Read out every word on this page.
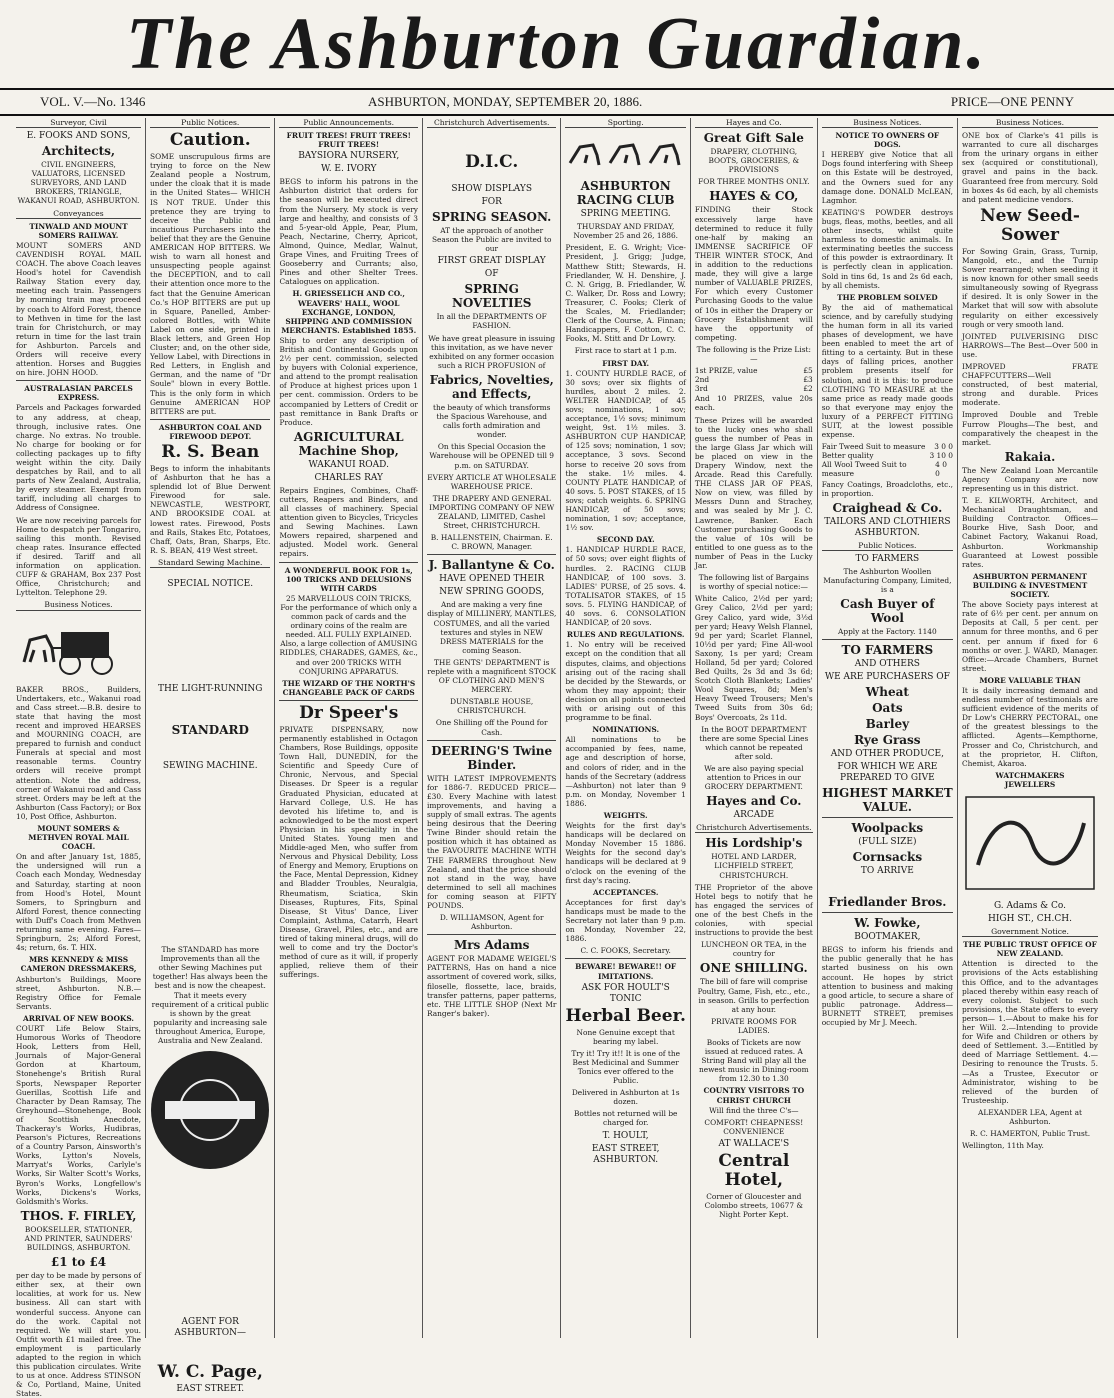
The Ashburton Guardian.
VOL. V.—No. 1346	ASHBURTON, MONDAY, SEPTEMBER 20, 1886.	PRICE—ONE PENNY
Surveyor, Civil
E. FOOKS AND SONS,
Architects,
CIVIL ENGINEERS, VALUATORS, LICENSED SURVEYORS, AND LAND BROKERS, TRIANGLE, WAKANUI ROAD, ASHBURTON.
Conveyances
TINWALD AND MOUNT SOMERS RAILWAY.
MOUNT SOMERS AND CAVENDISH ROYAL MAIL COACH. The above Coach leaves Hood's hotel for Cavendish Railway Station every day, meeting each train. Passengers by morning train may proceed by coach to Alford Forest, thence to Methven in time for the last train for Christchurch, or may return in time for the last train for Ashburton. Parcels and Orders will receive every attention. Horses and Buggies on hire. JOHN HOOD.
AUSTRALASIAN PARCELS EXPRESS.
Parcels and Packages forwarded to any address, at cheap, through, inclusive rates. One charge. No extras. No trouble. No charge for booking or for collecting packages up to fifty weight within the city. Daily despatches by Rail, and to all parts of New Zealand, Australia, by every steamer. Exempt from tariff, including all charges to Address of Consignee.
We are now receiving parcels for Home to despatch per Tongariro, sailing this month. Revised cheap rates. Insurance effected if desired. Tariff and all information on application. CUFF & GRAHAM, Box 237 Post Office, Christchurch; and Lyttelton. Telephone 29.
Business Notices.
BAKER BROS., Builders, Undertakers, etc., Wakanui road and Cass street.—B.B. desire to state that having the most recent and improved HEARSES and MOURNING COACH, are prepared to furnish and conduct Funerals at special and most reasonable terms. Country orders will receive prompt attention. Note the address, corner of Wakanui road and Cass street. Orders may be left at the Ashburton (Cass Factory); or Box 10, Post Office, Ashburton.
MOUNT SOMERS & METHVEN ROYAL MAIL COACH.
On and after January 1st, 1885, the undersigned will run a Coach each Monday, Wednesday and Saturday, starting at noon from Hood's Hotel, Mount Somers, to Springburn and Alford Forest, thence connecting with Duff's Coach from Methven returning same evening. Fares—Springburn, 2s; Alford Forest, 4s; return, 6s. T. HIX.
MRS KENNEDY & MISS CAMERON DRESSMAKERS,
Ashburton's Buildings, Moore street, Ashburton. N.B.—Registry Office for Female Servants.
ARRIVAL OF NEW BOOKS.
COURT Life Below Stairs, Humorous Works of Theodore Hook, Letters from Hell, Journals of Major-General Gordon at Khartoum, Stonehenge's British Rural Sports, Newspaper Reporter Guerillas, Scottish Life and Character by Dean Ramsay, The Greyhound—Stonehenge, Book of Scottish Anecdote, Thackeray's Works, Hudibras, Pearson's Pictures, Recreations of a Country Parson, Ainsworth's Works, Lytton's Novels, Marryat's Works, Carlyle's Works, Sir Walter Scott's Works, Byron's Works, Longfellow's Works, Dickens's Works, Goldsmith's Works.
THOS. F. FIRLEY,
BOOKSELLER, STATIONER, AND PRINTER, SAUNDERS' BUILDINGS, ASHBURTON.
£1 to £4
per day to be made by persons of either sex, at their own localities, at work for us. New business. All can start with wonderful success. Anyone can do the work. Capital not required. We will start you. Outfit worth £1 mailed free. The employment is particularly adapted to the region in which this publication circulates. Write to us at once. Address STINSON & Co, Portland, Maine, United States.
Public Notices.
Caution.
SOME unscrupulous firms are trying to force on the New Zealand people a Nostrum, under the cloak that it is made in the United States— WHICH IS NOT TRUE. Under this pretence they are trying to deceive the Public and incautious Purchasers into the belief that they are the Genuine AMERICAN HOP BITTERS. We wish to warn all honest and unsuspecting people against the DECEPTION, and to call their attention once more to the fact that the Genuine American Co.'s HOP BITTERS are put up in Square, Panelled, Amber-colored Bottles, with White Label on one side, printed in Black letters, and Green Hop Cluster; and, on the other side, Yellow Label, with Directions in Red Letters, in English and German, and the name of "Dr Soule" blown in every Bottle. This is the only form in which Genuine AMERICAN HOP BITTERS are put.
ASHBURTON COAL AND FIREWOOD DEPOT.
R. S. Bean
Begs to inform the inhabitants of Ashburton that he has a splendid lot of Blue Derwent Firewood for sale. NEWCASTLE, WESTPORT, AND BROOKSIDE COAL at lowest rates. Firewood, Posts and Rails, Stakes Etc, Potatoes, Chaff, Oats, Bran, Sharps, Etc. R. S. BEAN, 419 West street.
Standard Sewing Machine.
SPECIAL NOTICE.
THE LIGHT-RUNNING
STANDARD
SEWING MACHINE.
The STANDARD has more Improvements than all the other Sewing Machines put together! Has always been the best and is now the cheapest. That it meets every requirement of a critical public is shown by the great popularity and increasing sale throughout America, Europe, Australia and New Zealand.
AGENT FOR ASHBURTON—
W. C. Page,
EAST STREET.
Public Announcements.
FRUIT TREES! FRUIT TREES! FRUIT TREES!
BAYSIORA NURSERY,
W. E. IVORY
BEGS to inform his patrons in the Ashburton district that orders for the season will be executed direct from the Nursery. My stock is very large and healthy, and consists of 3 and 5-year-old Apple, Pear, Plum, Peach, Nectarine, Cherry, Apricot, Almond, Quince, Medlar, Walnut, Grape Vines, and Fruiting Trees of Gooseberry and Currants; also, Pines and other Shelter Trees. Catalogues on application.
H. GRIESSELICH AND CO., WEAVERS' HALL, WOOL EXCHANGE, LONDON, SHIPPING AND COMMISSION MERCHANTS. Established 1855.
Ship to order any description of British and Continental Goods upon 2½ per cent. commission, selected by buyers with Colonial experience, and attend to the prompt realisation of Produce at highest prices upon 1 per cent. commission. Orders to be accompanied by Letters of Credit or past remittance in Bank Drafts or Produce.
AGRICULTURAL Machine Shop,
WAKANUI ROAD.
CHARLES RAY
Repairs Engines, Combines, Chaff-cutters, Reapers and Binders, and all classes of machinery. Special attention given to Bicycles, Tricycles and Sewing Machines. Lawn Mowers repaired, sharpened and adjusted. Model work. General repairs.
A WONDERFUL BOOK FOR 1s,
100 TRICKS AND DELUSIONS WITH CARDS
25 MARVELLOUS COIN TRICKS, For the performance of which only a common pack of cards and the ordinary coins of the realm are needed. ALL FULLY EXPLAINED. Also, a large collection of AMUSING RIDDLES, CHARADES, GAMES, &c., and over 200 TRICKS WITH CONJURING APPARATUS.
THE WIZARD OF THE NORTH'S CHANGEABLE PACK OF CARDS
Dr Speer's
PRIVATE DISPENSARY, now permanently established in Octagon Chambers, Rose Buildings, opposite Town Hall, DUNEDIN, for the Scientific and Speedy Cure of Chronic, Nervous, and Special Diseases. Dr Speer is a regular Graduated Physician, educated at Harvard College, U.S. He has devoted his lifetime to, and is acknowledged to be the most expert Physician in his speciality in the United States. Young men and Middle-aged Men, who suffer from Nervous and Physical Debility, Loss of Energy and Memory, Eruptions on the Face, Mental Depression, Kidney and Bladder Troubles, Neuralgia, Rheumatism, Sciatica, Skin Diseases, Ruptures, Fits, Spinal Disease, St Vitus' Dance, Liver Complaint, Asthma, Catarrh, Heart Disease, Gravel, Piles, etc., and are tired of taking mineral drugs, will do well to come and try the Doctor's method of cure as it will, if properly applied, relieve them of their sufferings.
Christchurch Advertisements.
D.I.C.
SHOW DISPLAYS
FOR
SPRING SEASON.
AT the approach of another Season the Public are invited to our
FIRST GREAT DISPLAY
OF
SPRING NOVELTIES
In all the DEPARTMENTS OF FASHION.
We have great pleasure in issuing this invitation, as we have never exhibited on any former occasion such a RICH PROFUSION of
Fabrics, Novelties, and Effects,
the beauty of which transforms the Spacious Warehouse, and calls forth admiration and wonder.
On this Special Occasion the Warehouse will be OPENED till 9 p.m. on SATURDAY.
EVERY ARTICLE AT WHOLESALE WAREHOUSE PRICE.
THE DRAPERY AND GENERAL IMPORTING COMPANY OF NEW ZEALAND, LIMITED, Cashel Street, CHRISTCHURCH.
B. HALLENSTEIN, Chairman. E. C. BROWN, Manager.
J. Ballantyne & Co.
HAVE OPENED THEIR
NEW SPRING GOODS,
And are making a very fine display of MILLINERY, MANTLES, COSTUMES, and all the varied textures and styles in NEW DRESS MATERIALS for the coming Season.
THE GENTS' DEPARTMENT is replete with a magnificent STOCK OF CLOTHING AND MEN'S MERCERY.
DUNSTABLE HOUSE, CHRISTCHURCH.
One Shilling off the Pound for Cash.
DEERING'S Twine Binder.
WITH LATEST IMPROVEMENTS for 1886-7. REDUCED PRICE—£30. Every Machine with latest improvements, and having a supply of small extras. The agents being desirous that the Deering Twine Binder should retain the position which it has obtained as the FAVOURITE MACHINE WITH THE FARMERS throughout New Zealand, and that the price should not stand in the way, have determined to sell all machines for coming season at FIFTY POUNDS.
D. WILLIAMSON, Agent for Ashburton.
Mrs Adams
AGENT FOR MADAME WEIGEL'S PATTERNS, Has on hand a nice assortment of covered work, silks, filoselle, flossette, lace, braids, transfer patterns, paper patterns, etc. THE LITTLE SHOP (Next Mr Ranger's baker).
Sporting.
ASHBURTON RACING CLUB
SPRING MEETING.
THURSDAY AND FRIDAY, November 25 and 26, 1886.
President, E. G. Wright; Vice-President, J. Grigg; Judge, Matthew Stitt; Stewards, H. Friedlander, W. H. Denshire, J. C. N. Grigg, B. Friedlander, W. C. Walker, Dr. Ross and Lowry; Treasurer, C. Fooks; Clerk of the Scales, M. Friedlander; Clerk of the Course, A. Finnan; Handicappers, F. Cotton, C. C. Fooks, M. Stitt and Dr Lowry.
First race to start at 1 p.m.
FIRST DAY.
1. COUNTY HURDLE RACE, of 30 sovs; over six flights of hurdles, about 2 miles. 2. WELTER HANDICAP, of 45 sovs; nominations, 1 sov; acceptance, 1½ sovs; minimum weight, 9st. 1½ miles. 3. ASHBURTON CUP HANDICAP, of 125 sovs; nomination, 1 sov; acceptance, 3 sovs. Second horse to receive 20 sovs from the stake. 1½ miles. 4. COUNTY PLATE HANDICAP, of 40 sovs. 5. POST STAKES, of 15 sovs; catch weights. 6. SPRING HANDICAP, of 50 sovs; nomination, 1 sov; acceptance, 1½ sov.
SECOND DAY.
1. HANDICAP HURDLE RACE, of 50 sovs; over eight flights of hurdles. 2. RACING CLUB HANDICAP, of 100 sovs. 3. LADIES' PURSE, of 25 sovs. 4. TOTALISATOR STAKES, of 15 sovs. 5. FLYING HANDICAP, of 40 sovs. 6. CONSOLATION HANDICAP, of 20 sovs.
RULES AND REGULATIONS.
1. No entry will be received except on the condition that all disputes, claims, and objections arising out of the racing shall be decided by the Stewards, or whom they may appoint; their decision on all points connected with or arising out of this programme to be final.
NOMINATIONS.
All nominations to be accompanied by fees, name, age and description of horse, and colors of rider, and in the hands of the Secretary (address—Ashburton) not later than 9 p.m. on Monday, November 1 1886.
WEIGHTS.
Weights for the first day's handicaps will be declared on Monday November 15 1886. Weights for the second day's handicaps will be declared at 9 o'clock on the evening of the first day's racing.
ACCEPTANCES.
Acceptances for first day's handicaps must be made to the Secretary not later than 9 p.m. on Monday, November 22, 1886.
C. C. FOOKS, Secretary.
BEWARE! BEWARE!! OF IMITATIONS.
ASK FOR HOULT'S TONIC
Herbal Beer.
None Genuine except that bearing my label.
Try it! Try it!! It is one of the Best Medicinal and Summer Tonics ever offered to the Public.
Delivered in Ashburton at 1s dozen.
Bottles not returned will be charged for.
T. HOULT,
EAST STREET, ASHBURTON.
Hayes and Co.
Great Gift Sale
DRAPERY, CLOTHING, BOOTS, GROCERIES, & PROVISIONS
FOR THREE MONTHS ONLY.
HAYES & CO,
FINDING their Stock excessively large have determined to reduce it fully one-half by making an IMMENSE SACRIFICE OF THEIR WINTER STOCK, And in addition to the reductions made, they will give a large number of VALUABLE PRIZES, For which every Customer Purchasing Goods to the value of 10s in either the Drapery or Grocery Establishment will have the opportunity of competing.
The following is the Prize List:—
1st PRIZE, value	£5
2nd	£3
3rd	£2
And 10 PRIZES, value 20s each.
These Prizes will be awarded to the lucky ones who shall guess the number of Peas in the large Glass Jar which will be placed on view in the Drapery Window, next the Arcade. Read this Carefully. THE CLASS JAR OF PEAS, Now on view, was filled by Messrs Dunn and Strachey, and was sealed by Mr J. C. Lawrence, Banker. Each Customer purchasing Goods to the value of 10s will be entitled to one guess as to the number of Peas in the Lucky Jar.
The following list of Bargains is worthy of special notice:—
White Calico, 2½d per yard; Grey Calico, 2½d per yard; Grey Calico, yard wide, 3½d per yard; Heavy Welsh Flannel, 9d per yard; Scarlet Flannel, 10½d per yard; Fine All-wool Saxony, 1s per yard; Cream Holland, 5d per yard; Colored Bed Quilts, 2s 3d and 3s 6d; Scotch Cloth Blankets; Ladies' Wool Squares, 8d; Men's Heavy Tweed Trousers; Men's Tweed Suits from 30s 6d; Boys' Overcoats, 2s 11d.
In the BOOT DEPARTMENT there are some Special Lines which cannot be repeated after sold.
We are also paying special attention to Prices in our GROCERY DEPARTMENT.
Hayes and Co.
ARCADE
Christchurch Advertisements.
His Lordship's
HOTEL AND LARDER, LICHFIELD STREET, CHRISTCHURCH.
THE Proprietor of the above Hotel begs to notify that he has engaged the services of one of the best Chefs in the colonies, with special instructions to provide the best
LUNCHEON OR TEA, in the country for
ONE SHILLING.
The bill of fare will comprise Poultry, Game, Fish, etc., etc., in season. Grills to perfection at any hour.
PRIVATE ROOMS FOR LADIES.
Books of Tickets are now issued at reduced rates. A String Band will play all the newest music in Dining-room from 12.30 to 1.30
COUNTRY VISITORS TO CHRIST CHURCH
Will find the three C's—
COMFORT! CHEAPNESS! CONVENIENCE
AT WALLACE'S
Central Hotel,
Corner of Gloucester and Colombo streets, 10677 & Night Porter Kept.
Business Notices.
NOTICE TO OWNERS OF DOGS.
I HEREBY give Notice that all Dogs found interfering with Sheep on this Estate will be destroyed, and the Owners sued for any damage done. DONALD McLEAN, Lagmhor.
KEATING'S POWDER destroys bugs, fleas, moths, beetles, and all other insects, whilst quite harmless to domestic animals. In exterminating beetles the success of this powder is extraordinary. It is perfectly clean in application. Sold in tins 6d, 1s and 2s 6d each, by all chemists.
THE PROBLEM SOLVED
By the aid of mathematical science, and by carefully studying the human form in all its varied phases of development, we have been enabled to meet the art of fitting to a certainty. But in these days of falling prices, another problem presents itself for solution, and it is this: to produce CLOTHING TO MEASURE at the same price as ready made goods so that everyone may enjoy the luxury of a PERFECT FITTING SUIT, at the lowest possible expense.
Fair Tweed Suit to measure 3 0 0
Better quality	3 10 0
All Wool Tweed Suit to measure
4 0 0
Fancy Coatings, Broadcloths, etc., in proportion.
Craighead & Co.
TAILORS AND CLOTHIERS ASHBURTON.
Public Notices.
TO FARMERS
The Ashburton Woollen Manufacturing Company, Limited, is a
Cash Buyer of Wool
Apply at the Factory. 1140
TO FARMERS
AND OTHERS
WE ARE PURCHASERS OF
Wheat
Oats
Barley
Rye Grass
AND OTHER PRODUCE,
FOR WHICH WE ARE PREPARED TO GIVE
HIGHEST MARKET VALUE.
Woolpacks
(FULL SIZE)
Cornsacks
TO ARRIVE
Friedlander Bros.
W. Fowke,
BOOTMAKER,
BEGS to inform his friends and the public generally that he has started business on his own account. He hopes by strict attention to business and making a good article, to secure a share of public patronage. Address—BURNETT STREET, premises occupied by Mr J. Meech.
Business Notices.
ONE box of Clarke's 41 pills is warranted to cure all discharges from the urinary organs in either sex (acquired or constitutional), gravel and pains in the back. Guaranteed free from mercury. Sold in boxes 4s 6d each, by all chemists and patent medicine vendors.
New Seed-Sower
For Sowing Grain, Grass, Turnip, Mangold, etc., and the Turnip Sower rearranged; when seeding it is now known for other small seeds simultaneously sowing of Ryegrass if desired. It is only Sower in the Market that will sow with absolute regularity on either excessively rough or very smooth land.
JOINTED PULVERISING DISC HARROWS—The Best—Over 500 in use.
IMPROVED FRATE CHAFFCUTTERS—Well constructed, of best material, strong and durable. Prices moderate.
Improved Double and Treble Furrow Ploughs—The best, and comparatively the cheapest in the market.
Rakaia.
The New Zealand Loan Mercantile Agency Company are now representing us in this district.
T. E. KILWORTH, Architect, and Mechanical Draughtsman, and Building Contractor. Offices—Bourke Hive, Sash Door, and Cabinet Factory, Wakanui Road, Ashburton. Workmanship Guaranteed at Lowest possible rates.
ASHBURTON PERMANENT BUILDING & INVESTMENT SOCIETY.
The above Society pays interest at rate of 6½ per cent. per annum on Deposits at Call, 5 per cent. per annum for three months, and 6 per cent. per annum if fixed for 6 months or over. J. WARD, Manager. Office:—Arcade Chambers, Burnet street.
MORE VALUABLE THAN
It is daily increasing demand and endless number of testimonials are sufficient evidence of the merits of Dr Low's CHERRY PECTORAL, one of the greatest blessings to the afflicted. Agents—Kempthorne, Prosser and Co, Christchurch, and at the proprietor, H. Clifton, Chemist, Akaroa.
WATCHMAKERS
JEWELLERS
G. Adams & Co.
HIGH ST., CH.CH.
Government Notice.
THE PUBLIC TRUST OFFICE OF NEW ZEALAND.
Attention is directed to the provisions of the Acts establishing this Office, and to the advantages placed thereby within easy reach of every colonist. Subject to such provisions, the State offers to every person— 1.—About to make his for her Will. 2.—Intending to provide for Wife and Children or others by deed of Settlement. 3.—Entitled by deed of Marriage Settlement. 4.—Desiring to renounce the Trusts. 5.—As a Trustee, Executor or Administrator, wishing to be relieved of the burden of Trusteeship.
ALEXANDER LEA, Agent at Ashburton.
R. C. HAMERTON, Public Trust.
Wellington, 11th May.
